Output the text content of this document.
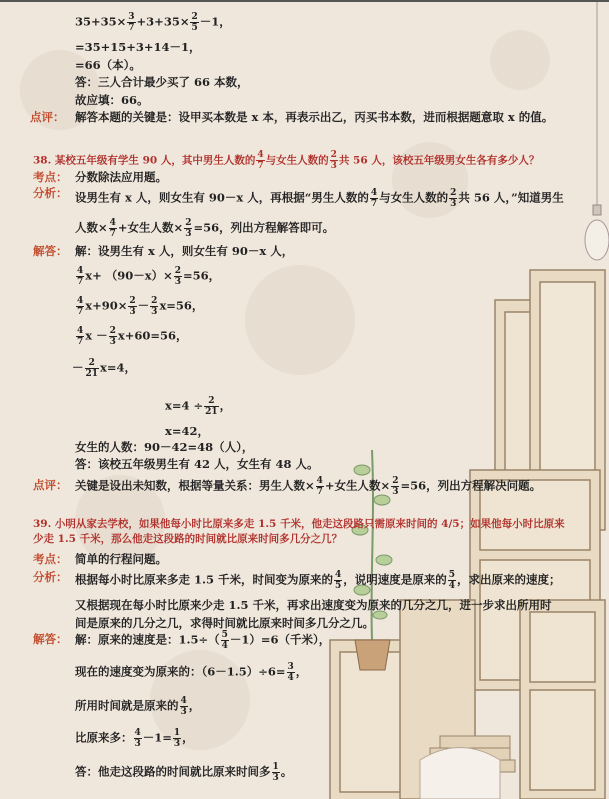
$35+35\times \frac{3}{7} +3+35\times \frac{2}{5} -1$，
=35+15+3+14－1，
=66（本）。
答：三人合计最少买了 66 本数，
故应填：66。
点评： 解答本题的关键是：设甲买本数是 x 本，再表示出乙，丙买书本数，进而根据题意取 x 的值。
38. 某校五年级有学生 90 人，其中男生人数的 $\frac{4}{7}$ 与女生人数的 $\frac{2}{3}$ 共 56 人，该校五年级男女生各有多少人？
考点： 分数除法应用题。
分析： 设男生有 x 人，则女生有 90－x 人，再根据“男生人数的 $\frac{4}{7}$ 与女生人数的 $\frac{2}{3}$ 共 56 人，”知道男生
人数× $\frac{4}{7}$ +女生人数× $\frac{2}{3} =56$，列出方程解答即可。
解答： 解：设男生有 x 人，则女生有 90－x 人，
$\frac{4}{7} x+ (90-x)\times \frac{2}{3} =56$，
$\frac{4}{7} x+90\times \frac{2}{3} - \frac{2}{3} x=56$，
$\frac{4}{7}$ $x - \frac{2}{3} x+60=56$，
－ $\frac{2}{21} x=4$，
$x=4 \div \frac{2}{21}$ ，
x=42，
女生的人数：90－42=48（人），
答：该校五年级男生有 42 人，女生有 48 人。
点评： 关键是设出未知数，根据等量关系：男生人数× $\frac{4}{7}$ +女生人数× $\frac{2}{3} =56$，列出方程解决问题。
39. 小明从家去学校，如果他每小时比原来多走 1.5 千米，他走这段路只需原来时间的 4/5；如果他每小时比原来
少走 1.5 千米，那么他走这段路的时间就比原来时间多几分之几？
考点： 简单的行程问题。
分析： 根据每小时比原来多走 1.5 千米，时间变为原来的 $\frac{4}{5}$ ，说明速度是原来的 $\frac{5}{4}$ ，求出原来的速度；
又根据现在每小时比原来少走 1.5 千米，再求出速度变为原来的几分之几，进一步求出所用时
间是原来的几分之几，求得时间就比原来时间多几分之几。
解答： 解：原来的速度是：$1.5\div( \frac{5}{4} -1)=6$（千米），
现在的速度变为原来的：$(6-1.5)\div 6= \frac{3}{4}$ ，
所用时间就是原来的 $\frac{4}{3}$ ，
比原来多： $\frac{4}{3} -1= \frac{1}{3}$ ，
答：他走这段路的时间就比原来时间多 $\frac{1}{3}$ 。
